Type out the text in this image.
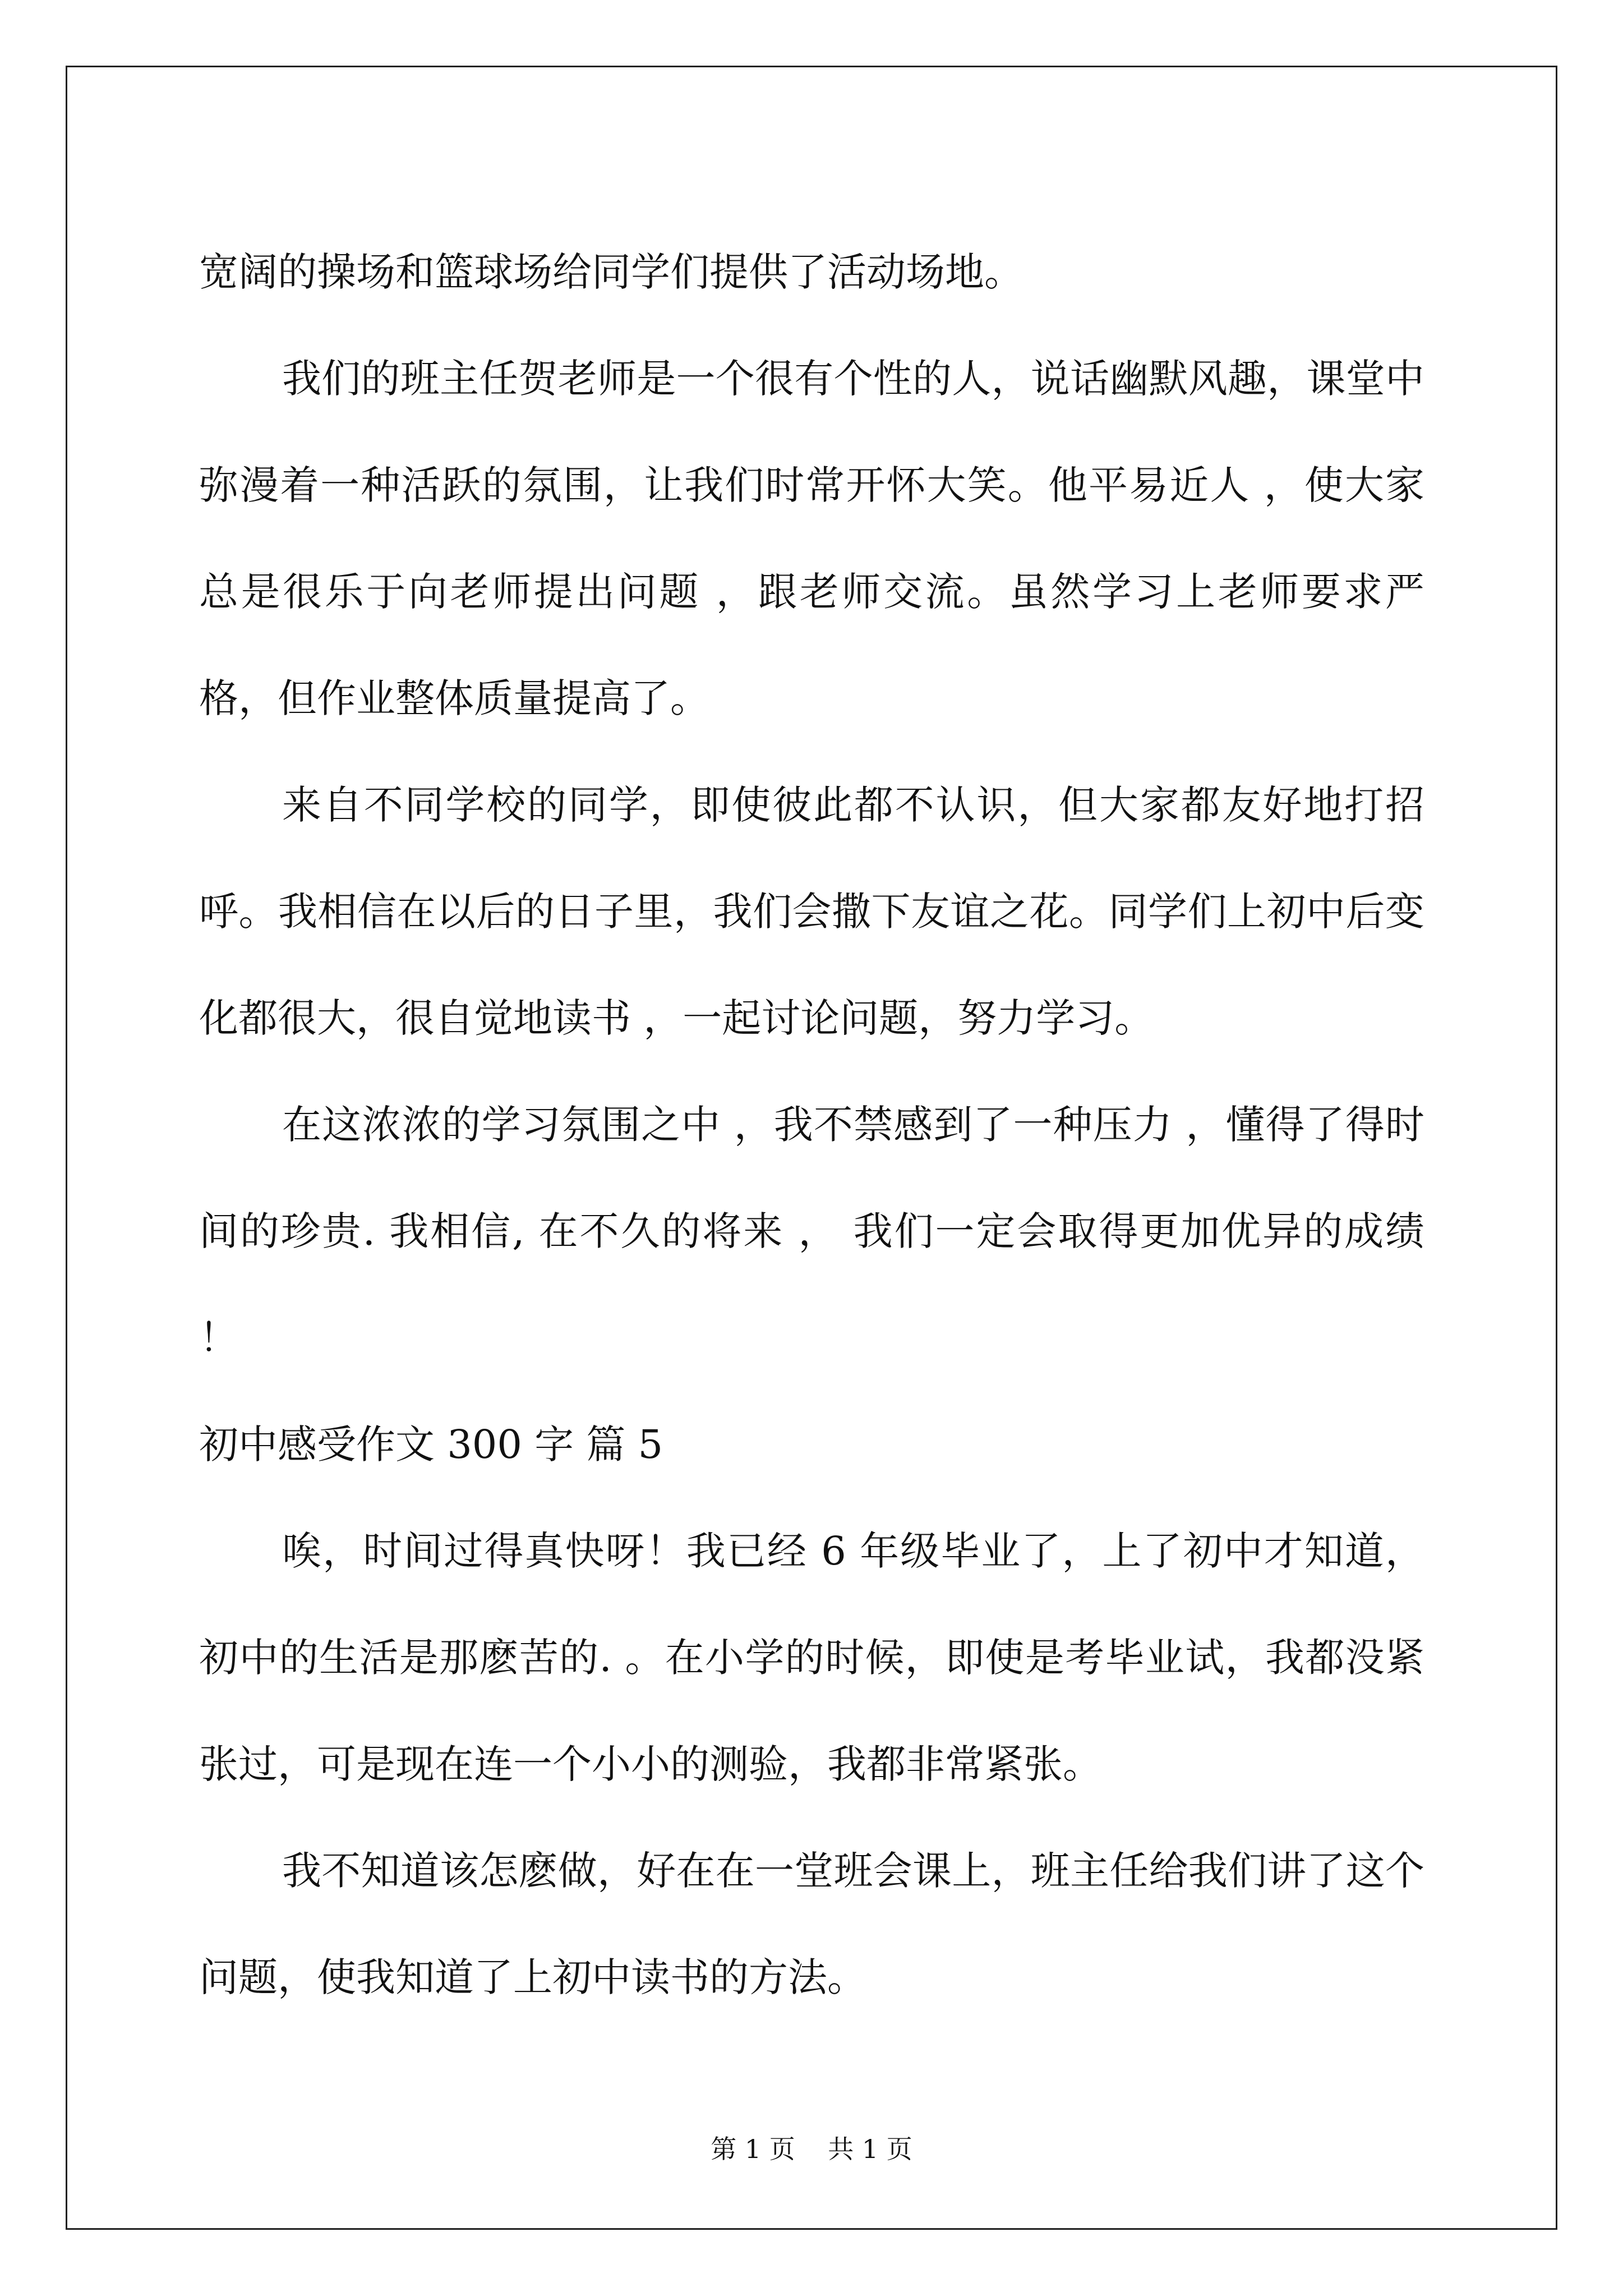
宽阔的操场和篮球场给同学们提供了活动场地。

我们的班主任贺老师是一个很有个性的人，说话幽默风趣，课堂中弥漫着一种活跃的氛围，让我们时常开怀大笑。他平易近人 ，使大家总是很乐于向老师提出问题 ，跟老师交流。虽然学习上老师要求严格，但作业整体质量提高了。

来自不同学校的同学，即使彼此都不认识，但大家都友好地打招呼。我相信在以后的日子里，我们会撒下友谊之花。同学们上初中后变化都很大，很自觉地读书 ，一起讨论问题，努力学习。

在这浓浓的学习氛围之中 ，我不禁感到了一种压力 ，懂得了得时间的珍贵. 我相信, 在不久的将来 ， 我们一定会取得更加优异的成绩 ！

初中感受作文 300 字 篇 5

唉，时间过得真快呀！我已经 6 年级毕业了，上了初中才知道，初中的生活是那麽苦的. 。在小学的时候，即使是考毕业试，我都没紧张过，可是现在连一个小小的测验，我都非常紧张。

我不知道该怎麽做，好在在一堂班会课上，班主任给我们讲了这个问题，使我知道了上初中读书的方法。

第 1 页    共 1 页
